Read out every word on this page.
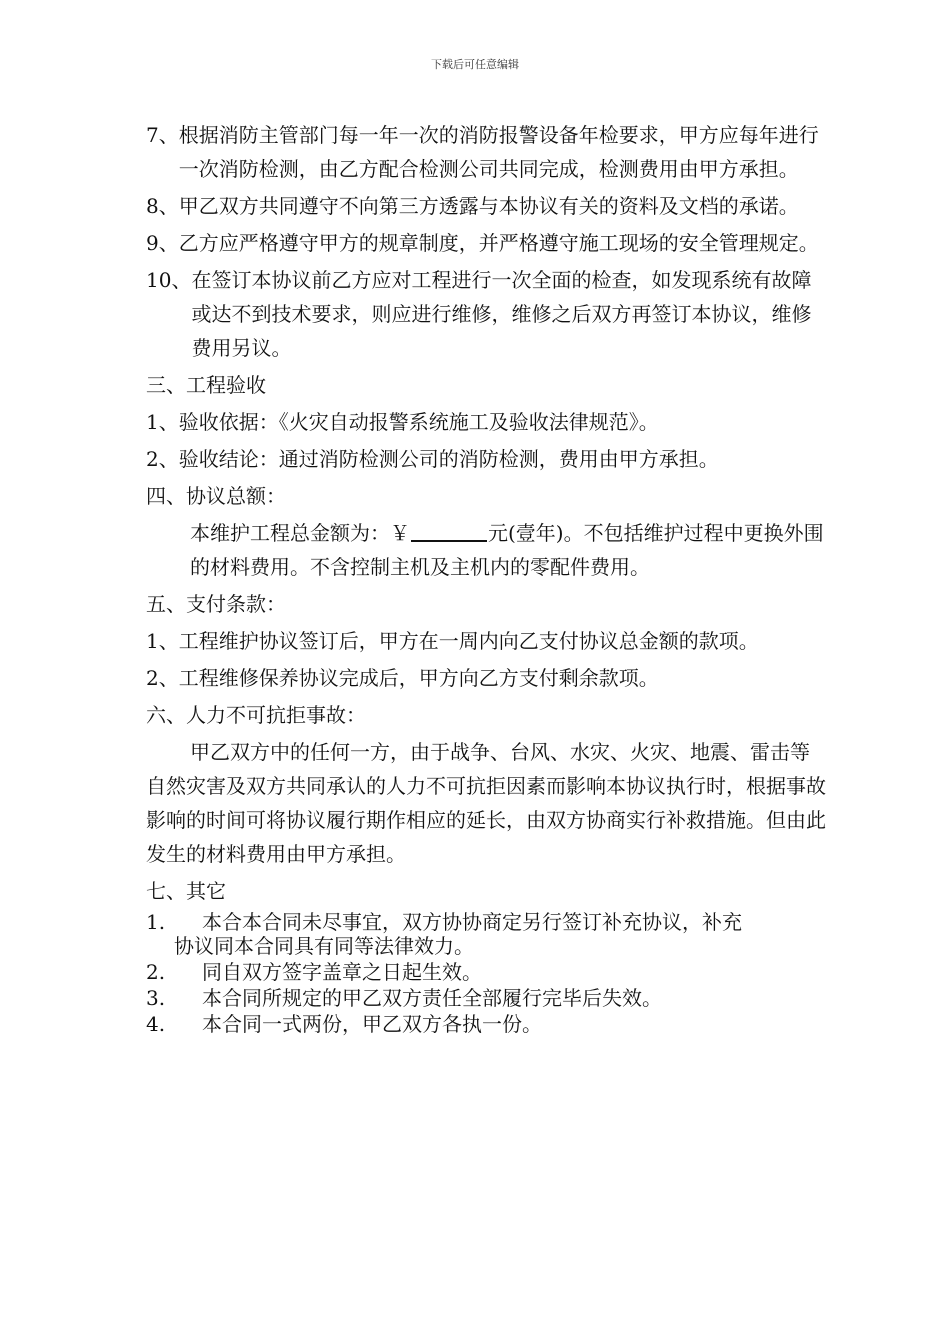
下载后可任意编辑
7、 根据消防主管部门每一年一次的消防报警设备年检要求，甲方应每年进行一次消防检测，由乙方配合检测公司共同完成，检测费用由甲方承担。
8、 甲乙双方共同遵守不向第三方透露与本协议有关的资料及文档的承诺。
9、 乙方应严格遵守甲方的规章制度，并严格遵守施工现场的安全管理规定。
10、 在签订本协议前乙方应对工程进行一次全面的检查，如发现系统有故障或达不到技术要求，则应进行维修，维修之后双方再签订本协议，维修费用另议。
三、工程验收
1、 验收依据：《火灾自动报警系统施工及验收法律规范》。
2、 验收结论：通过消防检测公司的消防检测，费用由甲方承担。
四、协议总额：
本维护工程总金额为：￥	元(壹年)。不包括维护过程中更换外围的材料费用。不含控制主机及主机内的零配件费用。
五、支付条款：
1、 工程维护协议签订后，甲方在一周内向乙支付协议总金额的款项。
2、 工程维修保养协议完成后，甲方向乙方支付剩余款项。
六、人力不可抗拒事故：
甲乙双方中的任何一方，由于战争、台风、水灾、火灾、地震、雷击等自然灾害及双方共同承认的人力不可抗拒因素而影响本协议执行时，根据事故影响的时间可将协议履行期作相应的延长，由双方协商实行补救措施。但由此发生的材料费用由甲方承担。
七、其它
1.	本合本合同未尽事宜，双方协协商定另行签订补充协议，补充
协议同本合同具有同等法律效力。
2.	同自双方签字盖章之日起生效。
3.	本合同所规定的甲乙双方责任全部履行完毕后失效。
4.	本合同一式两份，甲乙双方各执一份。
